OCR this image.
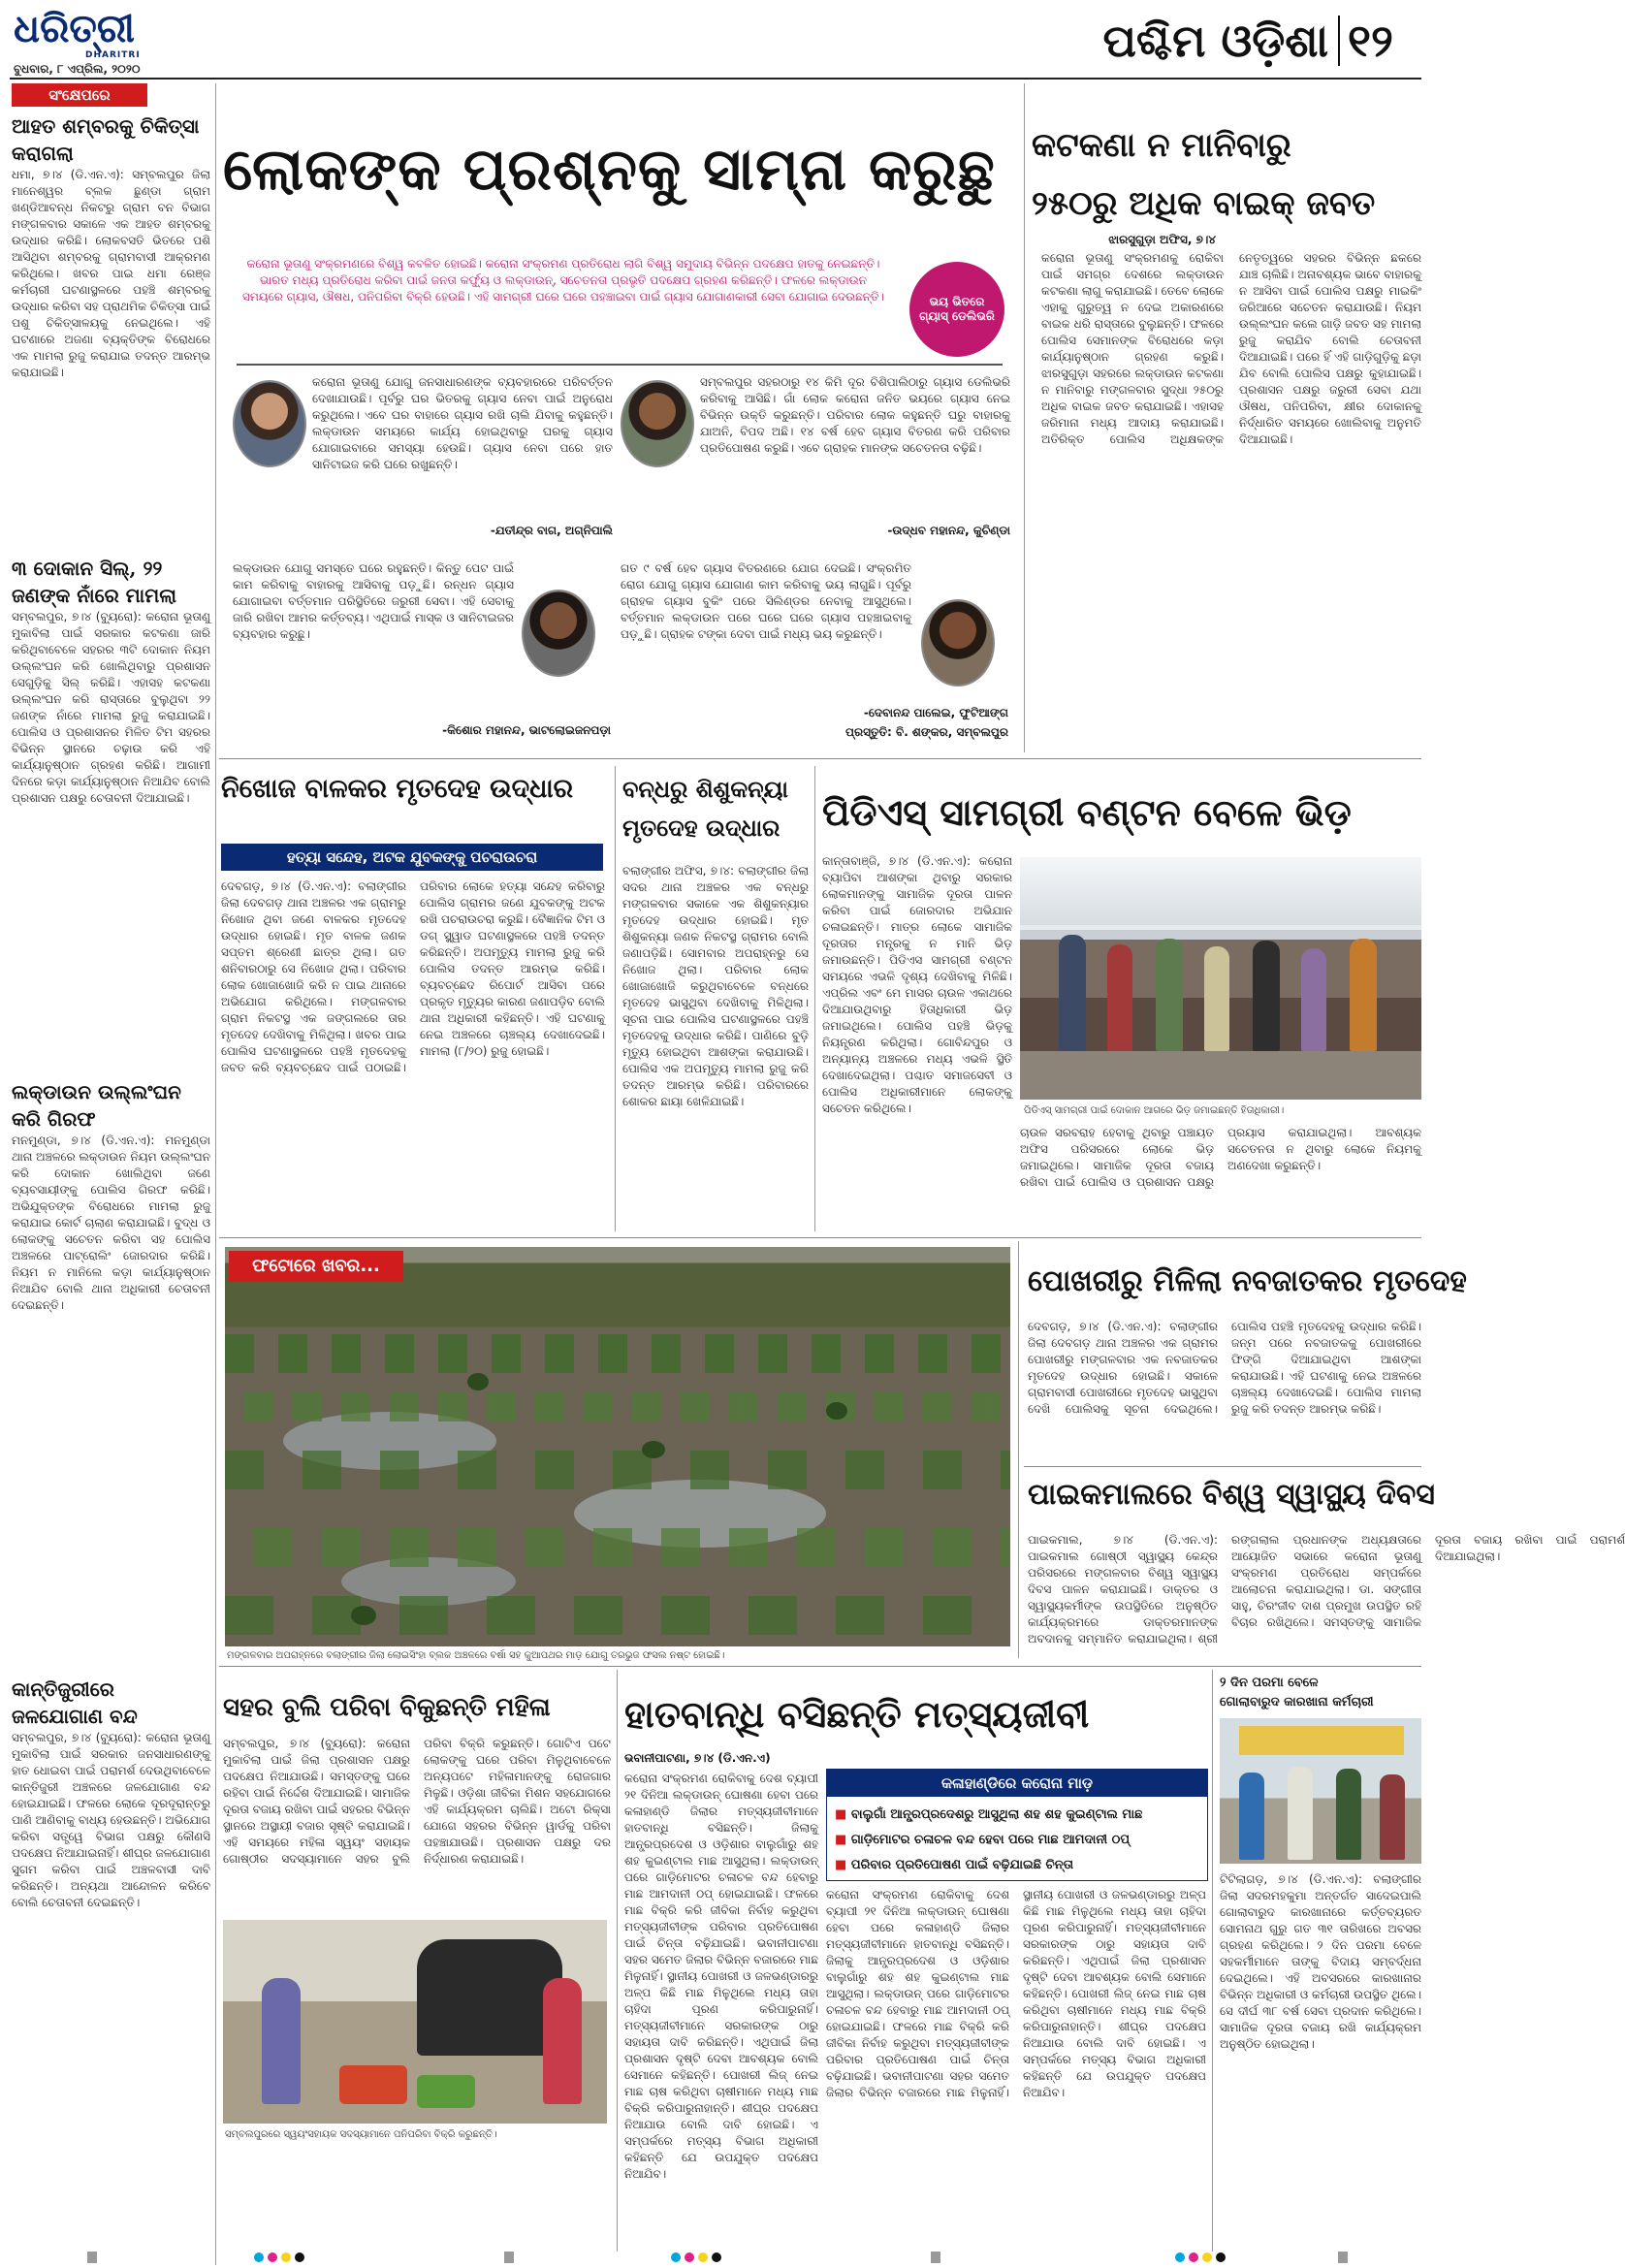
ଧରିତ୍ରୀ
DHARITRI
ବୁଧବାର, ୮ ଏପ୍ରିଲ, ୨୦୨୦
ପଶ୍ଚିମ ଓଡ଼ିଶା ୧୨
ସଂକ୍ଷେପରେ
ଆହତ ଶମ୍ବରକୁ ଚିକିତ୍ସା କରାଗଲା
ଧମା, ୭।୪ (ଡି.ଏନ.ଏ): ସମ୍ବଲପୁର ଜିଲା ମାନେଶ୍ୱର ବ୍ଲକ ଛୁଣ୍ଡା ଗ୍ରାମ ଖଣ୍ଡିଆବନ୍ଧ ନିକଟରୁ ଗ୍ରାମ ବନ ବିଭାଗ ମଙ୍ଗଳବାର ସକାଳେ ଏକ ଆହତ ଶମ୍ବରକୁ ଉଦ୍ଧାର କରିଛି। ଲୋକବସତି ଭିତରେ ପଶି ଆସିଥିବା ଶମ୍ବରକୁ ଗ୍ରାମବାସୀ ଆକ୍ରମଣ କରିଥିଲେ। ଖବର ପାଇ ଧମା ରେଞ୍ଜ କର୍ମଚାରୀ ଘଟଣାସ୍ଥଳରେ ପହଞ୍ଚି ଶମ୍ବରକୁ ଉଦ୍ଧାର କରିବା ସହ ପ୍ରାଥମିକ ଚିକିତ୍ସା ପାଇଁ ପଶୁ ଚିକିତ୍ସାଳୟକୁ ନେଇଥିଲେ। ଏହି ଘଟଣାରେ ଅଜଣା ବ୍ୟକ୍ତିଙ୍କ ବିରୋଧରେ ଏକ ମାମଲା ରୁଜୁ କରାଯାଇ ତଦନ୍ତ ଆରମ୍ଭ କରାଯାଇଛି।
୩ ଦୋକାନ ସିଲ୍, ୨୨ ଜଣଙ୍କ ନାଁରେ ମାମଲା
ସମ୍ବଲପୁର, ୭।୪ (ବ୍ୟୁରୋ): କରୋନା ଭୂତାଣୁ ମୁକାବିଲା ପାଇଁ ସରକାର କଟକଣା ଜାରି କରିଥିବାବେଳେ ସହରର ୩ଟି ଦୋକାନ ନିୟମ ଉଲ୍ଲଂଘନ କରି ଖୋଲିଥିବାରୁ ପ୍ରଶାସନ ସେଗୁଡ଼ିକୁ ସିଲ୍ କରିଛି। ଏହାସହ କଟକଣା ଉଲ୍ଲଂଘନ କରି ରାସ୍ତାରେ ବୁଲୁଥିବା ୨୨ ଜଣଙ୍କ ନାଁରେ ମାମଲା ରୁଜୁ କରାଯାଇଛି। ପୋଲିସ ଓ ପ୍ରଶାସନର ମିଳିତ ଟିମ ସହରର ବିଭିନ୍ନ ସ୍ଥାନରେ ଚଢ଼ାଉ କରି ଏହି କାର୍ଯ୍ୟାନୁଷ୍ଠାନ ଗ୍ରହଣ କରିଛି। ଆଗାମୀ ଦିନରେ କଡ଼ା କାର୍ଯ୍ୟାନୁଷ୍ଠାନ ନିଆଯିବ ବୋଲି ପ୍ରଶାସନ ପକ୍ଷରୁ ଚେତାବନୀ ଦିଆଯାଇଛି।
ଲକ୍‌ଡାଉନ ଉଲ୍ଲଂଘନ କରି ଗିରଫ
ମନମୁଣ୍ଡା, ୭।୪ (ଡି.ଏନ.ଏ): ମନମୁଣ୍ଡା ଥାନା ଅଞ୍ଚଳରେ ଲକ୍‌ଡାଉନ ନିୟମ ଉଲ୍ଲଂଘନ କରି ଦୋକାନ ଖୋଲିଥିବା ଜଣେ ବ୍ୟବସାୟୀଙ୍କୁ ପୋଲିସ ଗିରଫ କରିଛି। ଅଭିଯୁକ୍ତଙ୍କ ବିରୋଧରେ ମାମଲା ରୁଜୁ କରାଯାଇ କୋର୍ଟ ଚାଲାଣ କରାଯାଇଛି। ବୁଦ୍ଧ ଓ ଲୋକଙ୍କୁ ସଚେତନ କରିବା ସହ ପୋଲିସ ଅଞ୍ଚଳରେ ପାଟ୍ରୋଲିଂ ଜୋରଦାର କରିଛି। ନିୟମ ନ ମାନିଲେ କଡ଼ା କାର୍ଯ୍ୟାନୁଷ୍ଠାନ ନିଆଯିବ ବୋଲି ଥାନା ଅଧିକାରୀ ଚେତାବନୀ ଦେଇଛନ୍ତି।
କାନ୍ତିଜୁରୀରେ ଜଳଯୋଗାଣ ବନ୍ଦ
ସମ୍ବଲପୁର, ୭।୪ (ବ୍ୟୁରୋ): କରୋନା ଭୂତାଣୁ ମୁକାବିଲା ପାଇଁ ସରକାର ଜନସାଧାରଣଙ୍କୁ ହାତ ଧୋଇବା ପାଇଁ ପରାମର୍ଶ ଦେଉଥିବାବେଳେ କାନ୍ତିଜୁରୀ ଅଞ୍ଚଳରେ ଜଳଯୋଗାଣ ବନ୍ଦ ହୋଇଯାଇଛି। ଫଳରେ ଲୋକେ ଦୂରଦୂରାନ୍ତରୁ ପାଣି ଆଣିବାକୁ ବାଧ୍ୟ ହେଉଛନ୍ତି। ଅଭିଯୋଗ କରିବା ସତ୍ତ୍ୱେ ବିଭାଗ ପକ୍ଷରୁ କୌଣସି ପଦକ୍ଷେପ ନିଆଯାଇନାହିଁ। ଶୀଘ୍ର ଜଳଯୋଗାଣ ସୁଗମ କରିବା ପାଇଁ ଅଞ୍ଚଳବାସୀ ଦାବି କରିଛନ୍ତି। ଅନ୍ୟଥା ଆନ୍ଦୋଳନ କରିବେ ବୋଲି ଚେତାବନୀ ଦେଇଛନ୍ତି।
ଲୋକଙ୍କ ପ୍ରଶ୍ନକୁ ସାମ୍ନା କରୁଛୁ
କରୋନା ଭୂତାଣୁ ସଂକ୍ରମଣରେ ବିଶ୍ୱ କବଳିତ ହୋଇଛି। କରୋନା ସଂକ୍ରମଣ ପ୍ରତିରୋଧ ଲାଗି ବିଶ୍ୱ ସମୁଦାୟ ବିଭିନ୍ନ ପଦକ୍ଷେପ ହାତକୁ ନେଇଛନ୍ତି। ଭାରତ ମଧ୍ୟ ପ୍ରତିରୋଧ କରିବା ପାଇଁ ଜନତା କର୍ଫ୍ୟୁ ଓ ଲକ୍‌ଡାଉନ୍, ସଚେତନତା ପ୍ରଭୃତି ପଦକ୍ଷେପ ଗ୍ରହଣ କରିଛନ୍ତି। ଫଳରେ ଲକ୍‌ଡାଉନ ସମୟରେ ଗ୍ୟାସ, ଔଷଧ, ପନିପରିବା ବିକ୍ରି ହେଉଛି। ଏହି ସାମଗ୍ରୀ ଘରେ ଘରେ ପହଞ୍ଚାଇବା ପାଇଁ ଗ୍ୟାସ ଯୋଗାଣକାରୀ ସେବା ଯୋଗାଇ ଦେଉଛନ୍ତି।	ଭୟ ଭିତରେ ଗ୍ୟାସ୍ ଡେଲିଭରି
କରୋନା ଭୂତାଣୁ ଯୋଗୁ ଜନସାଧାରଣଙ୍କ ବ୍ୟବହାରରେ ପରିବର୍ତ୍ତନ ଦେଖାଯାଉଛି। ପୂର୍ବରୁ ଘର ଭିତରକୁ ଗ୍ୟାସ ନେବା ପାଇଁ ଅନୁରୋଧ କରୁଥିଲେ। ଏବେ ଘର ବାହାରେ ଗ୍ୟାସ ରଖି ଚାଲି ଯିବାକୁ କହୁଛନ୍ତି। ଲକ୍‌ଡାଉନ ସମୟରେ କାର୍ଯ୍ୟ ହୋଇଥିବାରୁ ଘରକୁ ଗ୍ୟାସ ଯୋଗାଇବାରେ ସମସ୍ୟା ହେଉଛି। ଗ୍ୟାସ ନେବା ପରେ ହାତ ସାନିଟାଇଜ କରି ଘରେ ରଖୁଛନ୍ତି।
-ଯତୀନ୍ଦ୍ର ବାଗ, ଅଗ୍ନିପାଲି
ସମ୍ବଲପୁର ସହରଠାରୁ ୧୪ କିମି ଦୂର ବିଶିପାଲିଠାରୁ ଗ୍ୟାସ ଡେଲିଭରି କରିବାକୁ ଆସିଛି। ଗାଁ ଲୋକ କରୋନା ଜନିତ ଭୟରେ ଗ୍ୟାସ ନେଇ ବିଭିନ୍ନ ଉକ୍ତି କରୁଛନ୍ତି। ପରିବାର ଲୋକ କହୁଛନ୍ତି ଘରୁ ବାହାରକୁ ଯାଅନି, ବିପଦ ଅଛି। ୧୪ ବର୍ଷ ହେବ ଗ୍ୟାସ ବିତରଣ କରି ପରିବାର ପ୍ରତିପୋଷଣ କରୁଛି। ଏବେ ଗ୍ରାହକ ମାନଙ୍କ ସଚେତନତା ବଢ଼ିଛି।
-ଉଦ୍ଧବ ମହାନନ୍ଦ, କୁଚିଣ୍ଡା
ଲକ୍‌ଡାଉନ ଯୋଗୁ ସମସ୍ତେ ଘରେ ରହୁଛନ୍ତି। କିନ୍ତୁ ପେଟ ପାଇଁ କାମ କରିବାକୁ ବାହାରକୁ ଆସିବାକୁ ପଡ଼ୁଛି। ରନ୍ଧନ ଗ୍ୟାସ ଯୋଗାଇବା ବର୍ତ୍ତମାନ ପରିସ୍ଥିତିରେ ଜରୁରୀ ସେବା। ଏହି ସେବାକୁ ଜାରି ରଖିବା ଆମର କର୍ତ୍ତବ୍ୟ। ଏଥିପାଇଁ ମାସ୍କ ଓ ସାନିଟାଇଜର ବ୍ୟବହାର କରୁଛୁ।
-କିଶୋର ମହାନନ୍ଦ, ଭାଟଲୋଇଜନପଡ଼ା
ଗତ ୯ ବର୍ଷ ହେବ ଗ୍ୟାସ ବିତରଣରେ ଯୋଗ ଦେଇଛି। ସଂକ୍ରମିତ ରୋଗ ଯୋଗୁ ଗ୍ୟାସ ଯୋଗାଣ କାମ କରିବାକୁ ଭୟ ଲାଗୁଛି। ପୂର୍ବରୁ ଗ୍ରାହକ ଗ୍ୟାସ ବୁକିଂ ପରେ ସିଲିଣ୍ଡର ନେବାକୁ ଆସୁଥିଲେ। ବର୍ତ୍ତମାନ ଲକ୍‌ଡାଉନ ପରେ ଘରେ ଘରେ ଗ୍ୟାସ ପହଞ୍ଚାଇବାକୁ ପଡ଼ୁଛି। ଗ୍ରାହକ ଟଙ୍କା ଦେବା ପାଇଁ ମଧ୍ୟ ଭୟ କରୁଛନ୍ତି।
-ଦେବାନନ୍ଦ ପାଲେଇ, ଫୁଟିଆଙ୍ଗ
ପ୍ରସ୍ତୁତି: ବି. ଶଙ୍କର, ସମ୍ବଲପୁର
କଟକଣା ନ ମାନିବାରୁ
୨୫୦ରୁ ଅଧିକ ବାଇକ୍ ଜବତ
ଝାରସୁଗୁଡ଼ା ଅଫିସ, ୭।୪
କରୋନା ଭୂତାଣୁ ସଂକ୍ରମଣକୁ ରୋକିବା ପାଇଁ ସମଗ୍ର ଦେଶରେ ଲକ୍‌ଡାଉନ କଟକଣା ଲାଗୁ କରାଯାଇଛି। ତେବେ ଲୋକେ ଏହାକୁ ଗୁରୁତ୍ୱ ନ ଦେଇ ଅକାରଣରେ ବାଇକ ଧରି ରାସ୍ତାରେ ବୁଲୁଛନ୍ତି। ଫଳରେ ପୋଲିସ ସେମାନଙ୍କ ବିରୋଧରେ କଡ଼ା କାର୍ଯ୍ୟାନୁଷ୍ଠାନ ଗ୍ରହଣ କରୁଛି। ଝାରସୁଗୁଡ଼ା ସହରରେ ଲକ୍‌ଡାଉନ କଟକଣା ନ ମାନିବାରୁ ମଙ୍ଗଳବାର ସୁଦ୍ଧା ୨୫୦ରୁ ଅଧିକ ବାଇକ ଜବତ କରାଯାଇଛି। ଏହାସହ ଜରିମାନା ମଧ୍ୟ ଆଦାୟ କରାଯାଇଛି। ଅତିରିକ୍ତ ପୋଲିସ ଅଧିକ୍ଷକଙ୍କ ନେତୃତ୍ୱରେ ସହରର ବିଭିନ୍ନ ଛକରେ ଯାଞ୍ଚ ଚାଲିଛି। ଅନାବଶ୍ୟକ ଭାବେ ବାହାରକୁ ନ ଆସିବା ପାଇଁ ପୋଲିସ ପକ୍ଷରୁ ମାଇକିଂ ଜରିଆରେ ସଚେତନ କରାଯାଉଛି। ନିୟମ ଉଲ୍ଲଂଘନ କଲେ ଗାଡ଼ି ଜବତ ସହ ମାମଲା ରୁଜୁ କରାଯିବ ବୋଲି ଚେତାବନୀ ଦିଆଯାଇଛି। ପରେ ହିଁ ଏହି ଗାଡ଼ିଗୁଡ଼ିକୁ ଛଡ଼ା ଯିବ ବୋଲି ପୋଲିସ ପକ୍ଷରୁ କୁହାଯାଇଛି। ପ୍ରଶାସନ ପକ୍ଷରୁ ଜରୁରୀ ସେବା ଯଥା ଔଷଧ, ପନିପରିବା, କ୍ଷୀର ଦୋକାନକୁ ନିର୍ଦ୍ଧାରିତ ସମୟରେ ଖୋଲିବାକୁ ଅନୁମତି ଦିଆଯାଇଛି।
ନିଖୋଜ ବାଳକର ମୃତଦେହ ଉଦ୍ଧାର
ହତ୍ୟା ସନ୍ଦେହ, ଅଟକ ଯୁବକଙ୍କୁ ପଚରାଉଚରା
ଦେବଗଡ଼, ୭।୪ (ଡି.ଏନ.ଏ): ବଲାଙ୍ଗୀର ଜିଲା ଦେବଗଡ଼ ଥାନା ଅଞ୍ଚଳର ଏକ ଗ୍ରାମରୁ ନିଖୋଜ ଥିବା ଜଣେ ବାଳକର ମୃତଦେହ ଉଦ୍ଧାର ହୋଇଛି। ମୃତ ବାଳକ ଜଣକ ସପ୍ତମ ଶ୍ରେଣୀ ଛାତ୍ର ଥିଲା। ଗତ ଶନିବାରଠାରୁ ସେ ନିଖୋଜ ଥିଲା। ପରିବାର ଲୋକ ଖୋଜାଖୋଜି କରି ନ ପାଇ ଥାନାରେ ଅଭିଯୋଗ କରିଥିଲେ। ମଙ୍ଗଳବାର ଗ୍ରାମ ନିକଟସ୍ଥ ଏକ ଜଙ୍ଗଲରେ ତାର ମୃତଦେହ ଦେଖିବାକୁ ମିଳିଥିଲା। ଖବର ପାଇ ପୋଲିସ ଘଟଣାସ୍ଥଳରେ ପହଞ୍ଚି ମୃତଦେହକୁ ଜବତ କରି ବ୍ୟବଚ୍ଛେଦ ପାଇଁ ପଠାଇଛି। ପରିବାର ଲୋକେ ହତ୍ୟା ସନ୍ଦେହ କରିବାରୁ ପୋଲିସ ଗ୍ରାମର ଜଣେ ଯୁବକଙ୍କୁ ଅଟକ ରଖି ପଚରାଉଚରା କରୁଛି। ବୈଜ୍ଞାନିକ ଟିମ ଓ ଡଗ୍ ସ୍କ୍ୱାଡ ଘଟଣାସ୍ଥଳରେ ପହଞ୍ଚି ତଦନ୍ତ କରିଛନ୍ତି। ଅପମୃତ୍ୟୁ ମାମଲା ରୁଜୁ କରି ପୋଲିସ ତଦନ୍ତ ଆରମ୍ଭ କରିଛି। ବ୍ୟବଚ୍ଛେଦ ରିପୋର୍ଟ ଆସିବା ପରେ ପ୍ରକୃତ ମୃତ୍ୟୁର କାରଣ ଜଣାପଡ଼ିବ ବୋଲି ଥାନା ଅଧିକାରୀ କହିଛନ୍ତି। ଏହି ଘଟଣାକୁ ନେଇ ଅଞ୍ଚଳରେ ଚାଞ୍ଚଲ୍ୟ ଦେଖାଦେଇଛି। ମାମଲା (୮/୨୦) ରୁଜୁ ହୋଇଛି।
ବନ୍ଧରୁ ଶିଶୁକନ୍ୟା
ମୃତଦେହ ଉଦ୍ଧାର
ବଲାଙ୍ଗୀର ଅଫିସ, ୭।୪: ବଲାଙ୍ଗୀର ଜିଲା ସଦର ଥାନା ଅଞ୍ଚଳର ଏକ ବନ୍ଧରୁ ମଙ୍ଗଳବାର ସକାଳେ ଏକ ଶିଶୁକନ୍ୟାର ମୃତଦେହ ଉଦ୍ଧାର ହୋଇଛି। ମୃତ ଶିଶୁକନ୍ୟା ଜଣକ ନିକଟସ୍ଥ ଗ୍ରାମର ବୋଲି ଜଣାପଡ଼ିଛି। ସୋମବାର ଅପରାହ୍ନରୁ ସେ ନିଖୋଜ ଥିଲା। ପରିବାର ଲୋକ ଖୋଜାଖୋଜି କରୁଥିବାବେଳେ ବନ୍ଧରେ ମୃତଦେହ ଭାସୁଥିବା ଦେଖିବାକୁ ମିଳିଥିଲା। ସୂଚନା ପାଇ ପୋଲିସ ଘଟଣାସ୍ଥଳରେ ପହଞ୍ଚି ମୃତଦେହକୁ ଉଦ୍ଧାର କରିଛି। ପାଣିରେ ବୁଡ଼ି ମୃତ୍ୟୁ ହୋଇଥିବା ଆଶଙ୍କା କରାଯାଉଛି। ପୋଲିସ ଏକ ଅପମୃତ୍ୟୁ ମାମଲା ରୁଜୁ କରି ତଦନ୍ତ ଆରମ୍ଭ କରିଛି। ପରିବାରରେ ଶୋକର ଛାୟା ଖେଳିଯାଇଛି।
ପିଡିଏସ୍ ସାମଗ୍ରୀ ବଣ୍ଟନ ବେଳେ ଭିଡ଼
କାନ୍ତାବାଞ୍ଜି, ୭।୪ (ଡି.ଏନ.ଏ): କରୋନା ବ୍ୟାପିବା ଆଶଙ୍କା ଥିବାରୁ ସରକାର ଲୋକମାନଙ୍କୁ ସାମାଜିକ ଦୂରତା ପାଳନ କରିବା ପାଇଁ ଜୋରଦାର ଅଭିଯାନ ଚଳାଇଛନ୍ତି। ମାତ୍ର ଲୋକେ ସାମାଜିକ ଦୂରତାର ମନ୍ତ୍ରକୁ ନ ମାନି ଭିଡ଼ ଜମାଉଛନ୍ତି। ପିଡିଏସ ସାମଗ୍ରୀ ବଣ୍ଟନ ସମୟରେ ଏଭଳି ଦୃଶ୍ୟ ଦେଖିବାକୁ ମିଳିଛି। ଏପ୍ରିଲ ଏବଂ ମେ ମାସର ଚାଉଳ ଏକାଥରେ ଦିଆଯାଉଥିବାରୁ ହିତାଧିକାରୀ ଭିଡ଼ ଜମାଇଥିଲେ। ପୋଲିସ ପହଞ୍ଚି ଭିଡ଼କୁ ନିୟନ୍ତ୍ରଣ କରିଥିଲା। ଗୋବିନ୍ଦପୁର ଓ ଅନ୍ୟାନ୍ୟ ଅଞ୍ଚଳରେ ମଧ୍ୟ ଏଭଳି ସ୍ଥିତି ଦେଖାଦେଇଥିଲା। ପଶ୍ଚାତ ସମାଜସେବୀ ଓ ପୋଲିସ ଅଧିକାରୀମାନେ ଲୋକଙ୍କୁ ସଚେତନ କରିଥିଲେ।	ପିଡିଏସ୍ ସାମଗ୍ରୀ ପାଇଁ ଦୋକାନ ଆଗରେ ଭିଡ଼ ଜମାଇଛନ୍ତି ହିତାଧିକାରୀ।
ଚାଉଳ ସରବରାହ ହେବାକୁ ଥିବାରୁ ପଞ୍ଚାୟତ ଅଫିସ ପରିସରରେ ଲୋକେ ଭିଡ଼ ଜମାଇଥିଲେ। ସାମାଜିକ ଦୂରତା ବଜାୟ ରଖିବା ପାଇଁ ପୋଲିସ ଓ ପ୍ରଶାସନ ପକ୍ଷରୁ ପ୍ରୟାସ କରାଯାଇଥିଲା। ଆବଶ୍ୟକ ସଚେତନତା ନ ଥିବାରୁ ଲୋକେ ନିୟମକୁ ଅଣଦେଖା କରୁଛନ୍ତି।
ଫଟୋରେ ଖବର...
ମଙ୍ଗଳବାର ଅପରାହ୍ନରେ ବଲାଙ୍ଗୀର ଜିଲା ଲୋଇସିଂହା ବ୍ଲକ ଅଞ୍ଚଳରେ ବର୍ଷା ସହ କୁଆପଥର ମାଡ଼ ଯୋଗୁ ତରଭୁଜ ଫସଲ ନଷ୍ଟ ହୋଇଛି।
ପୋଖରୀରୁ ମିଳିଲା ନବଜାତକର ମୃତଦେହ
ଦେବଗଡ଼, ୭।୪ (ଡି.ଏନ.ଏ): ବଲାଙ୍ଗୀର ଜିଲା ଦେବଗଡ଼ ଥାନା ଅଞ୍ଚଳର ଏକ ଗ୍ରାମର ପୋଖରୀରୁ ମଙ୍ଗଳବାର ଏକ ନବଜାତକର ମୃତଦେହ ଉଦ୍ଧାର ହୋଇଛି। ସକାଳେ ଗ୍ରାମବାସୀ ପୋଖରୀରେ ମୃତଦେହ ଭାସୁଥିବା ଦେଖି ପୋଲିସକୁ ସୂଚନା ଦେଇଥିଲେ। ପୋଲିସ ପହଞ୍ଚି ମୃତଦେହକୁ ଉଦ୍ଧାର କରିଛି। ଜନ୍ମ ପରେ ନବଜାତକକୁ ପୋଖରୀରେ ଫିଙ୍ଗି ଦିଆଯାଇଥିବା ଆଶଙ୍କା କରାଯାଉଛି। ଏହି ଘଟଣାକୁ ନେଇ ଅଞ୍ଚଳରେ ଚାଞ୍ଚଲ୍ୟ ଦେଖାଦେଇଛି। ପୋଲିସ ମାମଲା ରୁଜୁ କରି ତଦନ୍ତ ଆରମ୍ଭ କରିଛି।
ପାଇକମାଲରେ ବିଶ୍ୱ ସ୍ୱାସ୍ଥ୍ୟ ଦିବସ
ପାଇକମାଲ, ୭।୪ (ଡି.ଏନ.ଏ): ପାଇକମାଲ ଗୋଷ୍ଠୀ ସ୍ୱାସ୍ଥ୍ୟ କେନ୍ଦ୍ର ପରିସରରେ ମଙ୍ଗଳବାର ବିଶ୍ୱ ସ୍ୱାସ୍ଥ୍ୟ ଦିବସ ପାଳନ କରାଯାଇଛି। ଡାକ୍ତର ଓ ସ୍ୱାସ୍ଥ୍ୟକର୍ମୀଙ୍କ ଉପସ୍ଥିତିରେ ଅନୁଷ୍ଠିତ କାର୍ଯ୍ୟକ୍ରମରେ ଡାକ୍ତରମାନଙ୍କ ଅବଦାନକୁ ସମ୍ମାନିତ କରାଯାଇଥିଲା। ଶ୍ରୀ ରଙ୍ଗଲାଲ ପ୍ରଧାନଙ୍କ ଅଧ୍ୟକ୍ଷତାରେ ଆୟୋଜିତ ସଭାରେ କରୋନା ଭୂତାଣୁ ସଂକ୍ରମଣ ପ୍ରତିରୋଧ ସମ୍ପର୍କରେ ଆଲୋଚନା କରାଯାଇଥିଲା। ଡା. ସଙ୍ଗୀତା ସାହୁ, ଚିରଂଜୀବ ଦାଶ ପ୍ରମୁଖ ଉପସ୍ଥିତ ରହି ବିଚାର ରଖିଥିଲେ। ସମସ୍ତଙ୍କୁ ସାମାଜିକ ଦୂରତା ବଜାୟ ରଖିବା ପାଇଁ ପରାମର୍ଶ ଦିଆଯାଇଥିଲା।
ସହର ବୁଲି ପରିବା ବିକୁଛନ୍ତି ମହିଳା
ସମ୍ବଲପୁର, ୭।୪ (ବ୍ୟୁରୋ): କରୋନା ମୁକାବିଲା ପାଇଁ ଜିଲା ପ୍ରଶାସନ ପକ୍ଷରୁ ପଦକ୍ଷେପ ନିଆଯାଉଛି। ସମସ୍ତଙ୍କୁ ଘରେ ରହିବା ପାଇଁ ନିର୍ଦ୍ଦେଶ ଦିଆଯାଇଛି। ସାମାଜିକ ଦୂରତା ବଜାୟ ରଖିବା ପାଇଁ ସହରର ବିଭିନ୍ନ ସ୍ଥାନରେ ଅସ୍ଥାୟୀ ବଜାର ସୃଷ୍ଟି କରାଯାଇଛି। ଏହି ସମୟରେ ମହିଳା ସ୍ୱୟଂ ସହାୟକ ଗୋଷ୍ଠୀର ସଦସ୍ୟାମାନେ ସହର ବୁଲି ପରିବା ବିକ୍ରି କରୁଛନ୍ତି। ଗୋଟିଏ ପଟେ ଲୋକଙ୍କୁ ଘରେ ପରିବା ମିଳୁଥିବାବେଳେ ଅନ୍ୟପଟେ ମହିଳାମାନଙ୍କୁ ରୋଜଗାର ମିଳୁଛି। ଓଡ଼ିଶା ଜୀବିକା ମିଶନ ସହଯୋଗରେ ଏହି କାର୍ଯ୍ୟକ୍ରମ ଚାଲିଛି। ଅଟୋ ରିକ୍ସା ଯୋଗେ ସହରର ବିଭିନ୍ନ ୱାର୍ଡକୁ ପରିବା ପହଞ୍ଚାଯାଉଛି। ପ୍ରଶାସନ ପକ୍ଷରୁ ଦର ନିର୍ଦ୍ଧାରଣ କରାଯାଇଛି।
ସମ୍ବଲପୁରରେ ସ୍ୱୟଂସହାୟକ ସଦସ୍ୟାମାନେ ପନିପରିବା ବିକ୍ରି କରୁଛନ୍ତି।
ହାତବାନ୍ଧି ବସିଛନ୍ତି ମତ୍ସ୍ୟଜୀବୀ
ଭବାନୀପାଟଣା, ୭।୪ (ଡି.ଏନ.ଏ)
କଳାହାଣ୍ଡିରେ କରୋନା ମାଡ଼
■ ବାଲୁଗାଁ ଆନ୍ଧ୍ରପ୍ରଦେଶରୁ ଆସୁଥିଲା ଶହ ଶହ କୁଇଣ୍ଟାଲ ମାଛ
■ ଗାଡ଼ିମୋଟର ଚଳାଚଳ ବନ୍ଦ ହେବା ପରେ ମାଛ ଆମଦାନୀ ଠପ୍
■ ପରିବାର ପ୍ରତିପୋଷଣ ପାଇଁ ବଢ଼ିଯାଇଛି ଚିନ୍ତା
କରୋନା ସଂକ୍ରମଣ ରୋକିବାକୁ ଦେଶ ବ୍ୟାପୀ ୨୧ ଦିନିଆ ଲକ୍‌ଡାଉନ୍ ଘୋଷଣା ହେବା ପରେ କଳାହାଣ୍ଡି ଜିଲାର ମତ୍ସ୍ୟଜୀବୀମାନେ ହାତବାନ୍ଧି ବସିଛନ୍ତି। ଜିଲାକୁ ଆନ୍ଧ୍ରପ୍ରଦେଶ ଓ ଓଡ଼ିଶାର ବାଲୁଗାଁରୁ ଶହ ଶହ କୁଇଣ୍ଟାଲ ମାଛ ଆସୁଥିଲା। ଲକ୍‌ଡାଉନ୍ ପରେ ଗାଡ଼ିମୋଟର ଚଳାଚଳ ବନ୍ଦ ହେବାରୁ ମାଛ ଆମଦାନୀ ଠପ୍ ହୋଇଯାଇଛି। ଫଳରେ ମାଛ ବିକ୍ରି କରି ଜୀବିକା ନିର୍ବାହ କରୁଥିବା ମତ୍ସ୍ୟଜୀବୀଙ୍କ ପରିବାର ପ୍ରତିପୋଷଣ ପାଇଁ ଚିନ୍ତା ବଢ଼ିଯାଇଛି। ଭବାନୀପାଟଣା ସହର ସମେତ ଜିଲାର ବିଭିନ୍ନ ବଜାରରେ ମାଛ ମିଳୁନାହିଁ। ସ୍ଥାନୀୟ ପୋଖରୀ ଓ ଜଳଭଣ୍ଡାରରୁ ଅଳ୍ପ କିଛି ମାଛ ମିଳୁଥିଲେ ମଧ୍ୟ ତାହା ଚାହିଦା ପୂରଣ କରିପାରୁନାହିଁ। ମତ୍ସ୍ୟଜୀବୀମାନେ ସରକାରଙ୍କ ଠାରୁ ସହାୟତା ଦାବି କରିଛନ୍ତି। ଏଥିପାଇଁ ଜିଲା ପ୍ରଶାସନ ଦୃଷ୍ଟି ଦେବା ଆବଶ୍ୟକ ବୋଲି ସେମାନେ କହିଛନ୍ତି। ପୋଖରୀ ଲିଜ୍ ନେଇ ମାଛ ଚାଷ କରିଥିବା ଚାଷୀମାନେ ମଧ୍ୟ ମାଛ ବିକ୍ରି କରିପାରୁନାହାନ୍ତି। ଶୀଘ୍ର ପଦକ୍ଷେପ ନିଆଯାଉ ବୋଲି ଦାବି ହୋଇଛି। ଏ ସମ୍ପର୍କରେ ମତ୍ସ୍ୟ ବିଭାଗ ଅଧିକାରୀ କହିଛନ୍ତି ଯେ ଉପଯୁକ୍ତ ପଦକ୍ଷେପ ନିଆଯିବ।
କରୋନା ସଂକ୍ରମଣ ରୋକିବାକୁ ଦେଶ ବ୍ୟାପୀ ୨୧ ଦିନିଆ ଲକ୍‌ଡାଉନ୍ ଘୋଷଣା ହେବା ପରେ କଳାହାଣ୍ଡି ଜିଲାର ମତ୍ସ୍ୟଜୀବୀମାନେ ହାତବାନ୍ଧି ବସିଛନ୍ତି। ଜିଲାକୁ ଆନ୍ଧ୍ରପ୍ରଦେଶ ଓ ଓଡ଼ିଶାର ବାଲୁଗାଁରୁ ଶହ ଶହ କୁଇଣ୍ଟାଲ ମାଛ ଆସୁଥିଲା। ଲକ୍‌ଡାଉନ୍ ପରେ ଗାଡ଼ିମୋଟର ଚଳାଚଳ ବନ୍ଦ ହେବାରୁ ମାଛ ଆମଦାନୀ ଠପ୍ ହୋଇଯାଇଛି। ଫଳରେ ମାଛ ବିକ୍ରି କରି ଜୀବିକା ନିର୍ବାହ କରୁଥିବା ମତ୍ସ୍ୟଜୀବୀଙ୍କ ପରିବାର ପ୍ରତିପୋଷଣ ପାଇଁ ଚିନ୍ତା ବଢ଼ିଯାଇଛି। ଭବାନୀପାଟଣା ସହର ସମେତ ଜିଲାର ବିଭିନ୍ନ ବଜାରରେ ମାଛ ମିଳୁନାହିଁ। ସ୍ଥାନୀୟ ପୋଖରୀ ଓ ଜଳଭଣ୍ଡାରରୁ ଅଳ୍ପ କିଛି ମାଛ ମିଳୁଥିଲେ ମଧ୍ୟ ତାହା ଚାହିଦା ପୂରଣ କରିପାରୁନାହିଁ। ମତ୍ସ୍ୟଜୀବୀମାନେ ସରକାରଙ୍କ ଠାରୁ ସହାୟତା ଦାବି କରିଛନ୍ତି। ଏଥିପାଇଁ ଜିଲା ପ୍ରଶାସନ ଦୃଷ୍ଟି ଦେବା ଆବଶ୍ୟକ ବୋଲି ସେମାନେ କହିଛନ୍ତି। ପୋଖରୀ ଲିଜ୍ ନେଇ ମାଛ ଚାଷ କରିଥିବା ଚାଷୀମାନେ ମଧ୍ୟ ମାଛ ବିକ୍ରି କରିପାରୁନାହାନ୍ତି। ଶୀଘ୍ର ପଦକ୍ଷେପ ନିଆଯାଉ ବୋଲି ଦାବି ହୋଇଛି। ଏ ସମ୍ପର୍କରେ ମତ୍ସ୍ୟ ବିଭାଗ ଅଧିକାରୀ କହିଛନ୍ତି ଯେ ଉପଯୁକ୍ତ ପଦକ୍ଷେପ ନିଆଯିବ।
୨ ଦିନ ପରମା ବେଳେ
ଗୋଲାବାରୁଦ କାରଖାନା କର୍ମଚାରୀ
ଟିଟିଲାଗଡ଼, ୭।୪ (ଡି.ଏନ.ଏ): ବଲାଙ୍ଗୀର ଜିଲା ସଦରମହକୁମା ଅନ୍ତର୍ଗତ ସାଦେଇପାଲି ଗୋଲାବାରୁଦ କାରଖାନାରେ କର୍ତ୍ତବ୍ୟରତ ସୋମନାଥ ଗୁରୁ ଗତ ୩୧ ତାରିଖରେ ଅବସର ଗ୍ରହଣ କରିଥିଲେ। ୨ ଦିନ ପରମା ବେଳେ ସହକର୍ମୀମାନେ ତାଙ୍କୁ ବିଦାୟ ସମ୍ବର୍ଦ୍ଧନା ଦେଇଥିଲେ। ଏହି ଅବସରରେ କାରଖାନାର ବିଭିନ୍ନ ଅଧିକାରୀ ଓ କର୍ମଚାରୀ ଉପସ୍ଥିତ ଥିଲେ। ସେ ଦୀର୍ଘ ୩୮ ବର୍ଷ ସେବା ପ୍ରଦାନ କରିଥିଲେ। ସାମାଜିକ ଦୂରତା ବଜାୟ ରଖି କାର୍ଯ୍ୟକ୍ରମ ଅନୁଷ୍ଠିତ ହୋଇଥିଲା।
